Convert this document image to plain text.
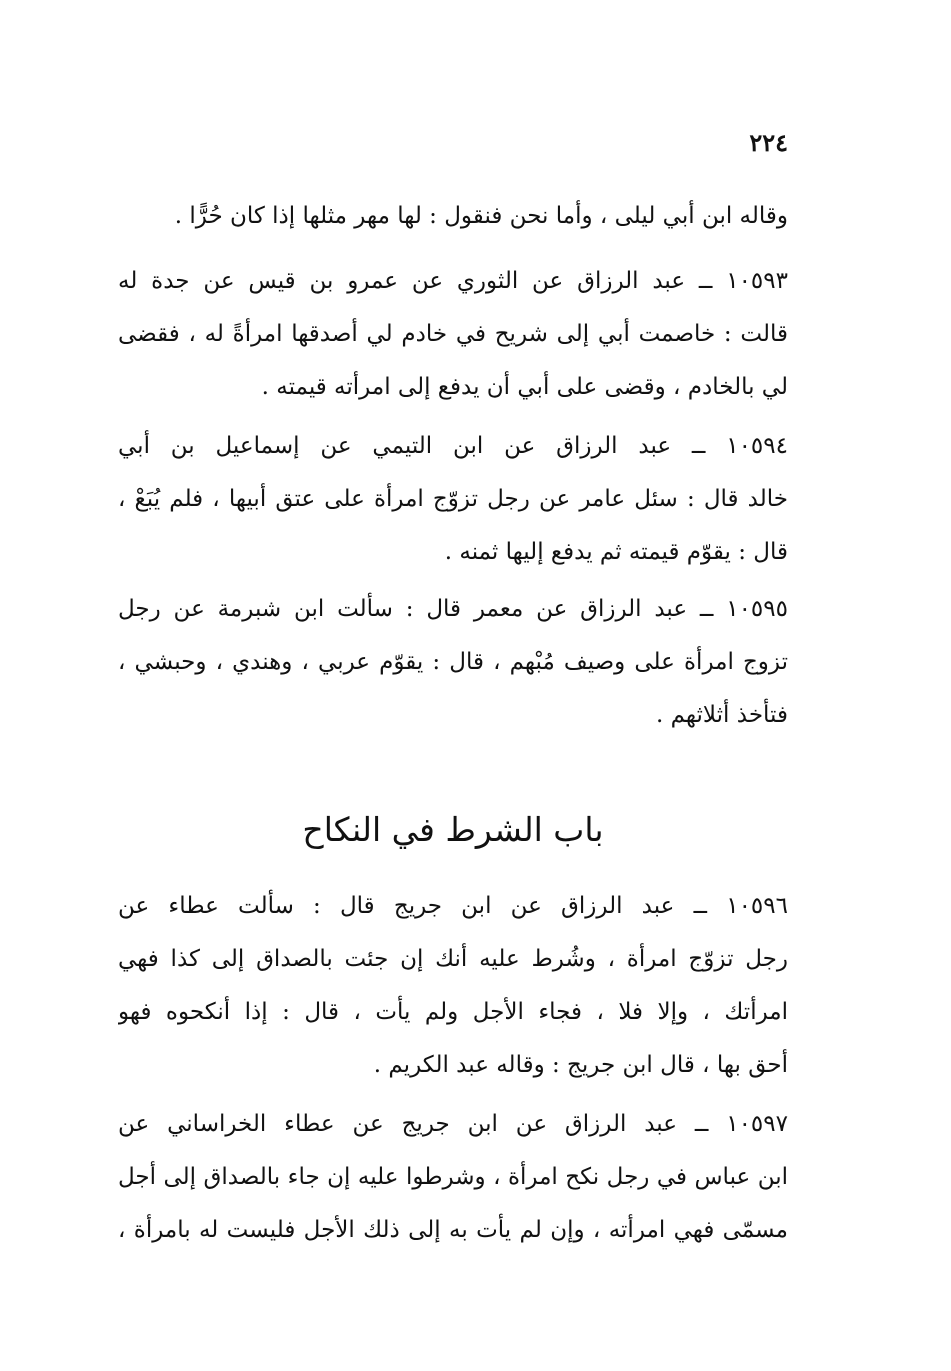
٢٢٤
وقاله ابن أبي ليلى ، وأما نحن فنقول : لها مهر مثلها إذا كان حُرًّا .
١٠٥٩٣ ــ عبد الرزاق عن الثوري عن عمرو بن قيس عن جدة له
قالت : خاصمت أبي إلى شريح في خادم لي أصدقها امرأةً له ، فقضى
لي بالخادم ، وقضى على أبي أن يدفع إلى امرأته قيمته .
١٠٥٩٤ ــ عبد الرزاق عن ابن التيمي عن إسماعيل بن أبي
خالد قال : سئل عامر عن رجل تزوّج امرأة على عتق أبيها ، فلم يُبَعْ ،
قال : يقوّم قيمته ثم يدفع إليها ثمنه .
١٠٥٩٥ ــ عبد الرزاق عن معمر قال : سألت ابن شبرمة عن رجل
تزوج امرأة على وصيف مُبْهم ، قال : يقوّم عربي ، وهندي ، وحبشي ،
فتأخذ أثلاثهم .
باب الشرط في النكاح
١٠٥٩٦ ــ عبد الرزاق عن ابن جريج قال : سألت عطاء عن
رجل تزوّج امرأة ، وشُرط عليه أنك إن جئت بالصداق إلى كذا فهي
امرأتك ، وإلا فلا ، فجاء الأجل ولم يأت ، قال : إذا أنكحوه فهو
أحق بها ، قال ابن جريج : وقاله عبد الكريم .
١٠٥٩٧ ــ عبد الرزاق عن ابن جريج عن عطاء الخراساني عن
ابن عباس في رجل نكح امرأة ، وشرطوا عليه إن جاء بالصداق إلى أجل
مسمّى فهي امرأته ، وإن لم يأت به إلى ذلك الأجل فليست له بامرأة ،
